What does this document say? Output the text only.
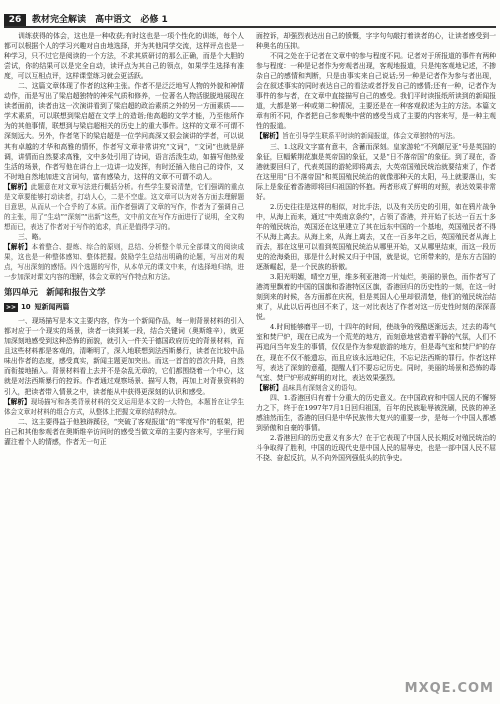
26	教材完全解读 高中语文 必修 1

训练获得的体会，这也是一种收获;有时这也是一项个性化的训练，每个人都可以根据个人的学习兴趣对自由地选择，并为其他同学交流，这样评点也是一种学习，只不过它是阅读的一个方法，不求其质研讨的那么正确，而是个大胆的尝试，你的结果可以是完全自动，读评点为其自己的领点，如果学生选择有准度，可以互相点评，这样课堂练习就会更活跃。

二、这篇文章体现了作者的这种主张。作者不是泛泛地写人物的外貌和神情动作，而是写出了梁启超独特的神采气质和修养，一位著名人物活脱脱地展现在读者面前，读者由这一次演讲看到了梁启超的政治素质之外的另一方面素质——学术素质，可以联想到梁启超在文学上的造诣;他高超的文学才能，乃至他所作为的其他事情，联想到与梁启超相关的历史上的重大事件。这样的文章不可谓不深刻远大。另外，作者笔下的梁启超是一位学问高深又很会演讲的学者，可以说其有卓越的才华和高雅的情怀，作者写文章非常讲究“文词”，“文词”也就是辞调，讲情而自然要求高雅，文中多处引用了诗词，语言活泼生动，如描写他热爱生活的场景，作者写他在讲台上一边讲一边发挥，有时还插入他自己的诗作，又不时地自然地加进文言词句，富有感染力，这样的文章不可谓不动人。

【解析】此题意在对文章写法进行概括分析。有些学生要说清楚，它们强调的重点是文章要能够打动读者，打动人心，二是不空虚。这文章可以为对各方面去理解题目意思，从而从一个合乎的了本质。而作者强调了文章的写作，作者为了强调自己的主张，用了“生动”“深刻”“出新”这些，文中前文在写作方面进行了说明，全文构想而已，表达了作者对于写作的追求，真正是值得学习的。

三、略。

【解析】本着整合、提炼、综合的原则，总结、分析整个单元全部课文的阅读成果，这也是一种整体感知、整体把握。鼓励学生总结出明确的论题，写出对的观点，写出深刻的感悟。四个选题的写作，从本单元的课文中来，有选择地归纳，进一步加深对课文内容的理解，体会文章的写作特点和方法。

第四单元　新闻和报告文学
>> 10 短新闻两篇

一、现场描写是本文主要内容，作为一个新闻作品，每一则背景材料的引入都对应于一个现实的场景，读者一读到某一段，结合关键词（奥斯维辛），就更加深刻地感受到这种恐怖的面貌，就引入一件关于德国政府历史的背景材料，而且这些材料都是客观的，清晰明了，深入地联想到法西斯暴行，读者在比较中品味出作者的态度，感受真实，新闻主题更加突出。而这一首首的首次升降，自然而衔接地插入。背景材料看上去并不是杂乱无章的，它们都围绕着一个中心，这就是对法西斯暴行的控诉。作者通过观察场景、描写人物，再加上对背景资料的引入，把读者带入情景之中，读者能从中获得更深刻的认识和感受。

【解析】现场描写和各类背景材料的交叉运用是本文的一大特色，本题旨在让学生体会文章对材料的组合方式，从整体上把握文章的结构特点。

二、这主要得益于他独辟蹊径，“突破了客观报道”的“零度写作”的框架，把自己和其他参观者在奥斯维辛访问时的感受当做文章的主要内容来写，字里行间灌注着个人的情感，作者无一句正

面控诉，却强烈表达出自己的愤慨，字字句句敲打着读者的心，让读者感受到一种奥名的压抑。

不同之处在于记者在文章中的参与程度不同。记者对于所报道的事件有两种参与程度：一种是记者作为旁观者出现，客观地报道，只是纯客观地记述，不掺杂自己的感情和判断，只是由事实来自己说话;另一种是记者作为参与者出现，会在叙述事实的同时表达自己的看法或者抒发自己的感情;还有一种，记者作为事件的参与者，在文章中直接描写自己的感受。我们平时读报纸所读到的新闻报道，大都是第一种或第二种情况，主要还是在一种客观叙述为主的方法。本篇文章有所不同，作者把自己参观集中营的感受当成了主要的内容来写，是一种主观性的报道。

【解析】旨在引导学生联系平时读的新闻报道，体会文章独特的写法。

三、1.这段文字富有意丰，含蓄而深刻。皇家游轮“不列颠尼亚”号是英国的象征，巨幅紫荆花旗是英帝国的象征，又是“日不落帝国”的象征。到了现在，香港就要回归了，代表英国的游轮即将离去，大英帝国殖民统治就要结束了，作者在这里用“日不落帝国”和英国殖民统治的就像那种天的太阳，马上就要落山，实际上是象征着香港即将回归祖国的怀抱。两者形成了鲜明的对照，表达效果非常好。

2.历史往往是这样的相似，对比手法，以及有关历史的引用，如在鸦片战争中，从海上而来，通过“中英南京条约”，占领了香港，并开始了长达一百五十多年的殖民统治，英国还在这里建立了其在远东中国的一个基地，英国殖民者不得不从海上离去。从海上来，从海上离去，又在一百多年之后，英国殖民者从海上而去，那在这里可以看到英国殖民统治从哪里开始，又从哪里结束，而这一段历史的沧海桑田，那是什么时候又归于中国，就是说，它所带来的，是东方古国的逐渐崛起，是一个民族的骄傲。

3.阳光明媚，晴空万里，维多利亚港湾一片灿烂，美丽的景色，而作者写了港湾里飘着的中国的国旗和香港特区区旗，香港回归的历史性的一刻，在这一时刻到来的时候，各方面都在庆祝，但是英国人心里却很清楚，他们的殖民统治结束了，从此以后再也回不来了，这一对比表达了作者对这一历史性时刻的深深喜悦。

4.时间能够磨平一切，十四年的时间，使战争的残酷逐渐远去，过去的毒气室和焚尸炉，现在已成为一个荒芜的地方，而刻意地营造着平静的气氛，人们不再追问当年发生的事情，仅仅是作为参观旅游的地方，但是毒气室和焚尸炉的存在，现在不仅不能遗忘，而且应该永远地记住，不忘记法西斯的罪行。作者这样写，表达了深刻的意蕴，提醒人们不要忘记历史。同时，美丽的场景和恐怖的毒气室、焚尸炉形成鲜明的对比，表达效果强烈。

【解析】品味具有深刻含义的语句。

四、1.香港回归有着十分重大的历史意义。在中国政府和中国人民的不懈努力之下，终于在1997年7月1日回归祖国，百年的民族耻辱被洗刷，民族的神圣感油然而生，香港的回归是中华民族伟大复兴的重要一步，是每一个中国人都感到骄傲和自豪的事情。

2.香港回归的历史意义有多大？在于它表现了中国人民长期反对殖民统治的斗争取得了胜利，中国的近现代史是中国人民的屈辱史，也是一部中国人民不屈不挠、奋起反抗，从不向外国列强低头的抗争史。

MXQE.COM
